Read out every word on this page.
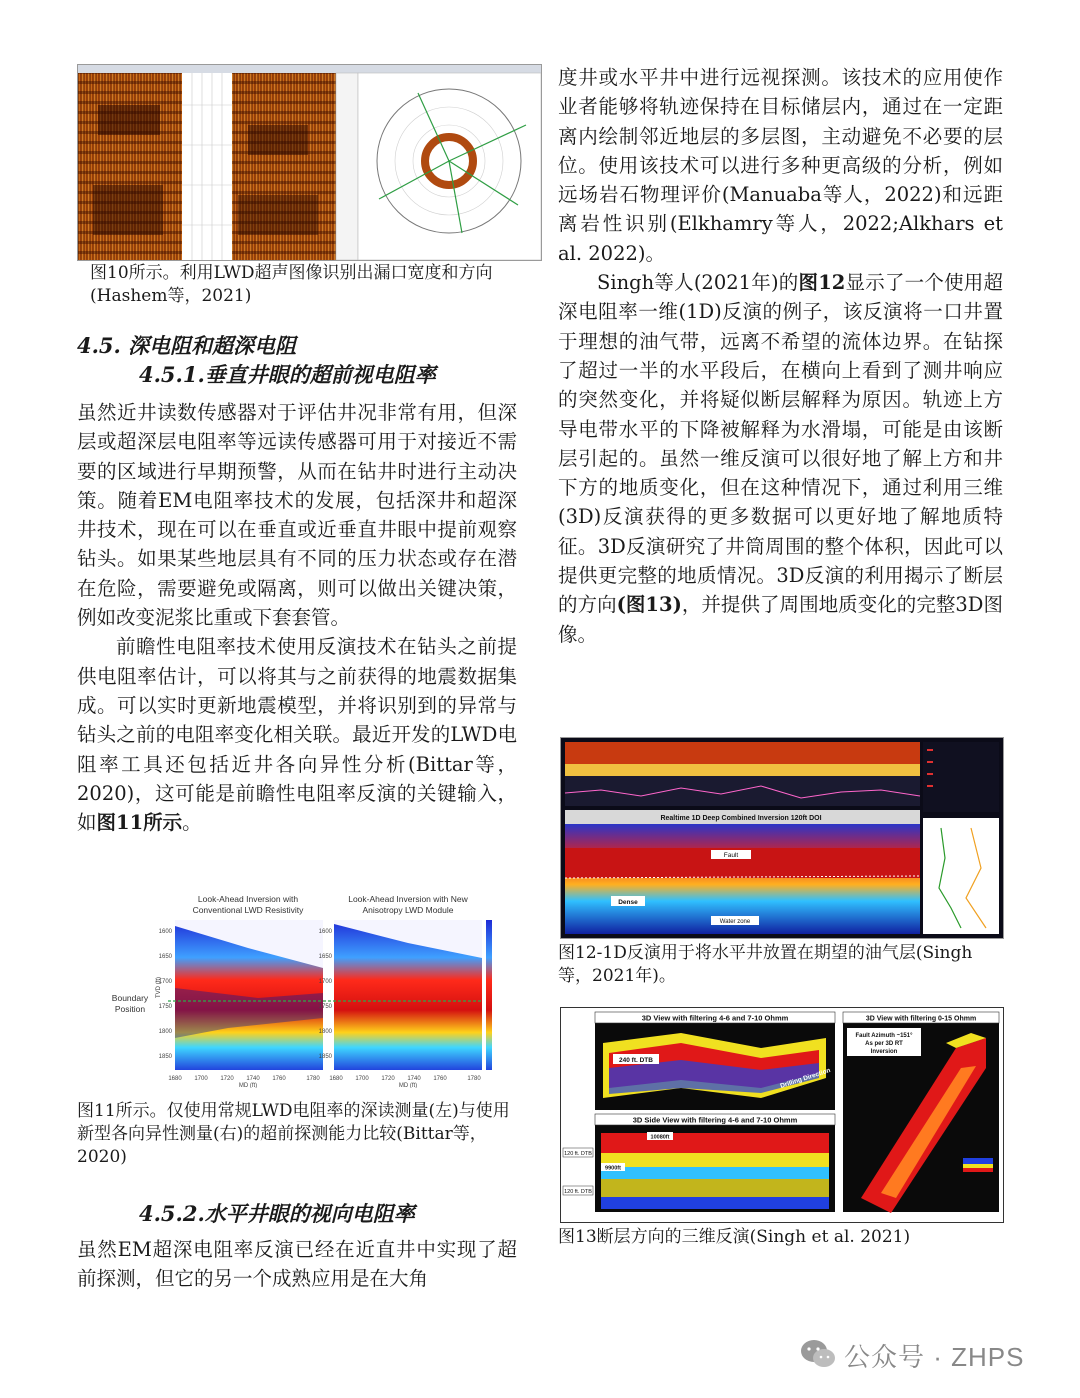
图10所示。利用LWD超声图像识别出漏口宽度和方向(Hashem等，2021)

4.5. 深电阻和超深电阻
4.5.1.垂直井眼的超前视电阻率

虽然近井读数传感器对于评估井况非常有用，但深层或超深层电阻率等远读传感器可用于对接近不需要的区域进行早期预警，从而在钻井时进行主动决策。随着EM电阻率技术的发展，包括深井和超深井技术，现在可以在垂直或近垂直井眼中提前观察钻头。如果某些地层具有不同的压力状态或存在潜在危险，需要避免或隔离，则可以做出关键决策，例如改变泥浆比重或下套套管。

前瞻性电阻率技术使用反演技术在钻头之前提供电阻率估计，可以将其与之前获得的地震数据集成。可以实时更新地震模型，并将识别到的异常与钻头之前的电阻率变化相关联。最近开发的LWD电阻率工具还包括近井各向异性分析(Bittar等，2020)，这可能是前瞻性电阻率反演的关键输入，如图11所示。

Look-Ahead Inversion with
Conventional LWD Resistivity
Look-Ahead Inversion with New
Anisotropy LWD Module
Boundary
Position
TVD (ft)
1600
1650
1700
1750
1800
1850
1600
1650
1700
1750
1800
1850
1680 1700 1720 1740 1760	1780 1680 1700 1720 1740 1760	1780
MD (ft)	MD (ft)

图11所示。仅使用常规LWD电阻率的深读测量(左)与使用新型各向异性测量(右)的超前探测能力比较(Bittar等，2020)

4.5.2.水平井眼的视向电阻率

虽然EM超深电阻率反演已经在近直井中实现了超前探测，但它的另一个成熟应用是在大角

度井或水平井中进行远视探测。该技术的应用使作业者能够将轨迹保持在目标储层内，通过在一定距离内绘制邻近地层的多层图，主动避免不必要的层位。使用该技术可以进行多种更高级的分析，例如远场岩石物理评价(Manuaba等人，2022)和远距离岩性识别(Elkhamry等人，2022;Alkhars et al. 2022)。

Singh等人(2021年)的图12显示了一个使用超深电阻率一维(1D)反演的例子，该反演将一口井置于理想的油气带，远离不希望的流体边界。在钻探了超过一半的水平段后，在横向上看到了测井响应的突然变化，并将疑似断层解释为原因。轨迹上方导电带水平的下降被解释为水滑塌，可能是由该断层引起的。虽然一维反演可以很好地了解上方和井下方的地质变化，但在这种情况下，通过利用三维(3D)反演获得的更多数据可以更好地了解地质特征。3D反演研究了井筒周围的整个体积，因此可以提供更完整的地质情况。3D反演的利用揭示了断层的方向(图13)，并提供了周围地质变化的完整3D图像。

Realtime 1D Deep Combined Inversion 120ft DOI
Fault
Dense
Water zone

图12-1D反演用于将水平井放置在期望的油气层(Singh等，2021年)。

3D View with filtering 4-6 and 7-10 Ohmm
240 ft. DTB
Drilling Direction
3D Side View with filtering 4-6 and 7-10 Ohmm
10080ft
9900ft
120 ft. DTB
120 ft. DTB
3D View with filtering 0-15 Ohmm
Fault Azimuth ~151°
As per 3D RT
Inversion

图13断层方向的三维反演(Singh et al. 2021)

公众号 · ZHPS
